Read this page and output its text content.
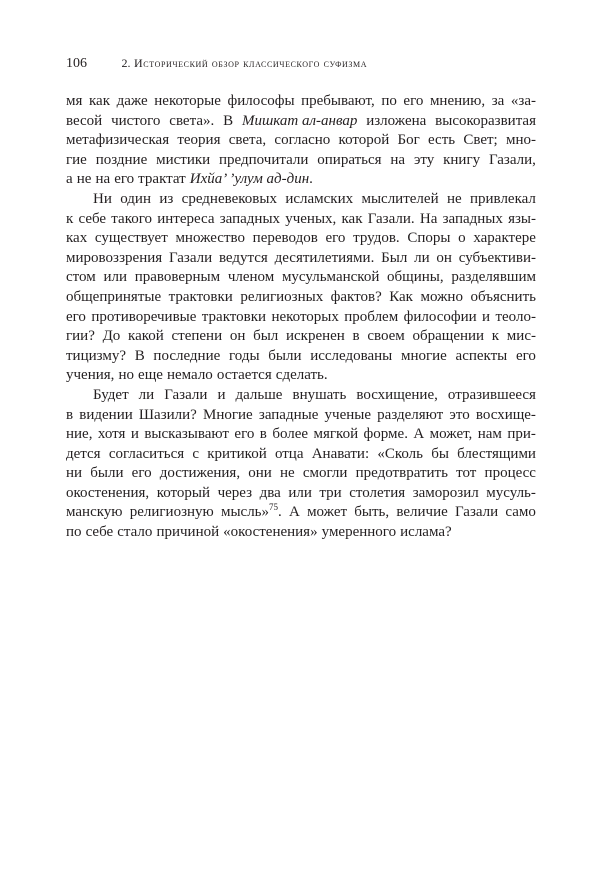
106	2. Исторический обзор классического суфизма
мя как даже некоторые философы пребывают, по его мнению, за «за-
весой чистого света». В Мишкат ал-анвар изложена высокоразвитая
метафизическая теория света, согласно которой Бог есть Свет; мно-
гие поздние мистики предпочитали опираться на эту книгу Газали,
а не на его трактат Ихйа’ ’улум ад-дин.
Ни один из средневековых исламских мыслителей не привлекал
к себе такого интереса западных ученых, как Газали. На западных язы-
ках существует множество переводов его трудов. Споры о характере
мировоззрения Газали ведутся десятилетиями. Был ли он субъективи-
стом или правоверным членом мусульманской общины, разделявшим
общепринятые трактовки религиозных фактов? Как можно объяснить
его противоречивые трактовки некоторых проблем философии и теоло-
гии? До какой степени он был искренен в своем обращении к мис-
тицизму? В последние годы были исследованы многие аспекты его
учения, но еще немало остается сделать.
Будет ли Газали и дальше внушать восхищение, отразившееся
в видении Шазили? Многие западные ученые разделяют это восхище-
ние, хотя и высказывают его в более мягкой форме. А может, нам при-
дется согласиться с критикой отца Анавати: «Сколь бы блестящими
ни были его достижения, они не смогли предотвратить тот процесс
окостенения, который через два или три столетия заморозил мусуль-
манскую религиозную мысль»75. А может быть, величие Газали само
по себе стало причиной «окостенения» умеренного ислама?
